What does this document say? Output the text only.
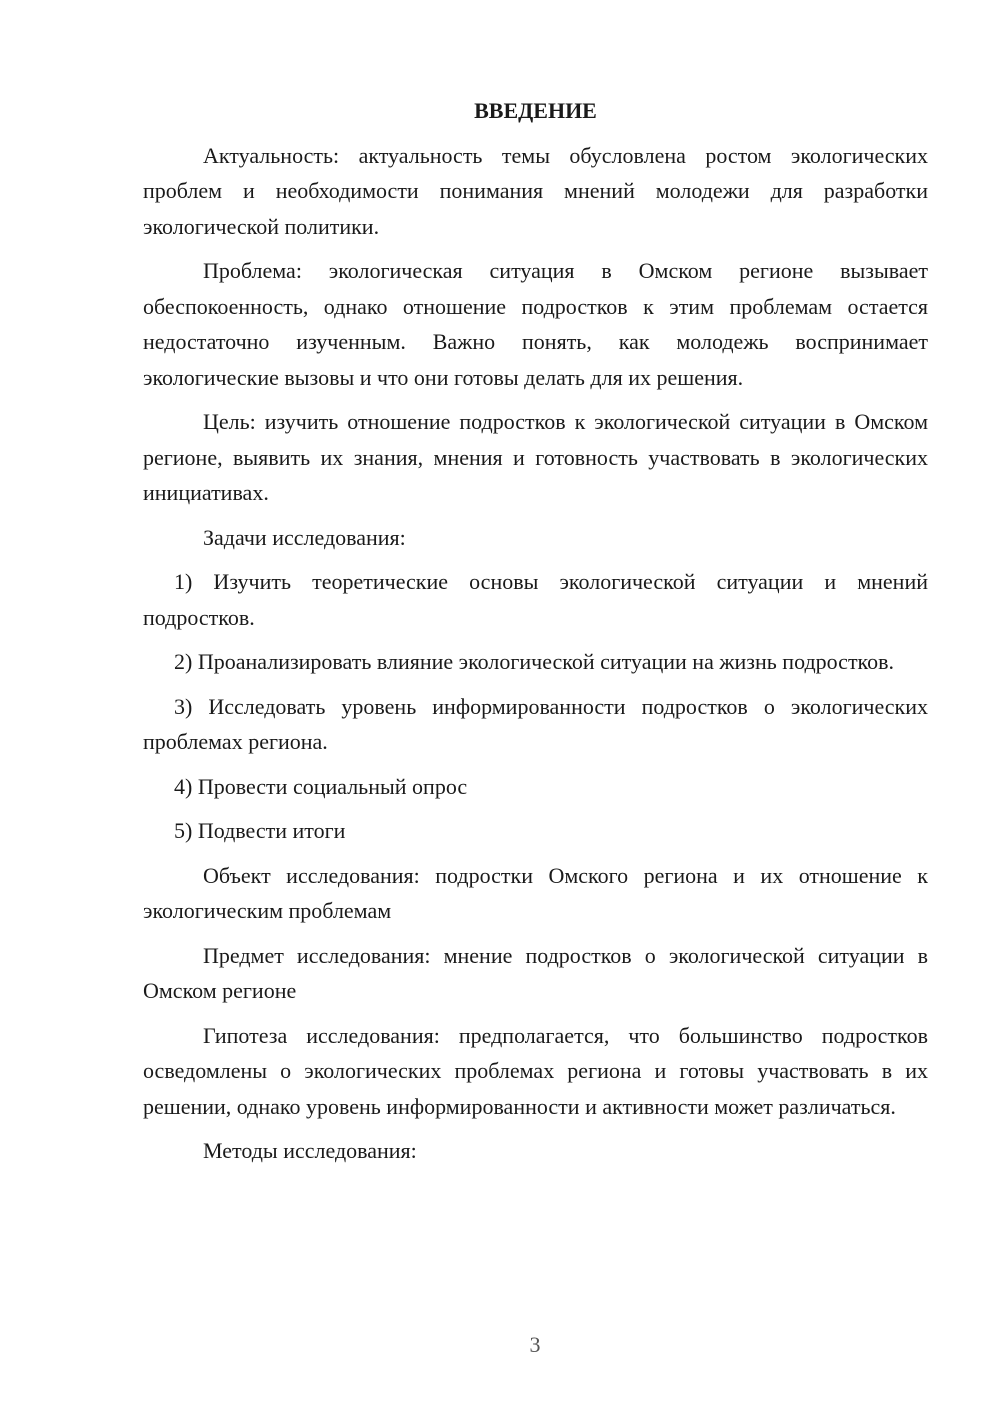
ВВЕДЕНИЕ
Актуальность: актуальность темы обусловлена ростом экологических проблем и необходимости понимания мнений молодежи для разработки экологической политики.
Проблема: экологическая ситуация в Омском регионе вызывает обеспокоенность, однако отношение подростков к этим проблемам остается недостаточно изученным. Важно понять, как молодежь воспринимает экологические вызовы и что они готовы делать для их решения.
Цель: изучить отношение подростков к экологической ситуации в Омском регионе, выявить их знания, мнения и готовность участвовать в экологических инициативах.
Задачи исследования:
1) Изучить теоретические основы экологической ситуации и мнений подростков.
2) Проанализировать влияние экологической ситуации на жизнь подростков.
3) Исследовать уровень информированности подростков о экологических проблемах региона.
4) Провести социальный опрос
5) Подвести итоги
Объект исследования: подростки Омского региона и их отношение к экологическим проблемам
Предмет исследования: мнение подростков о экологической ситуации в Омском регионе
Гипотеза исследования: предполагается, что большинство подростков осведомлены о экологических проблемах региона и готовы участвовать в их решении, однако уровень информированности и активности может различаться.
Методы исследования:
3
